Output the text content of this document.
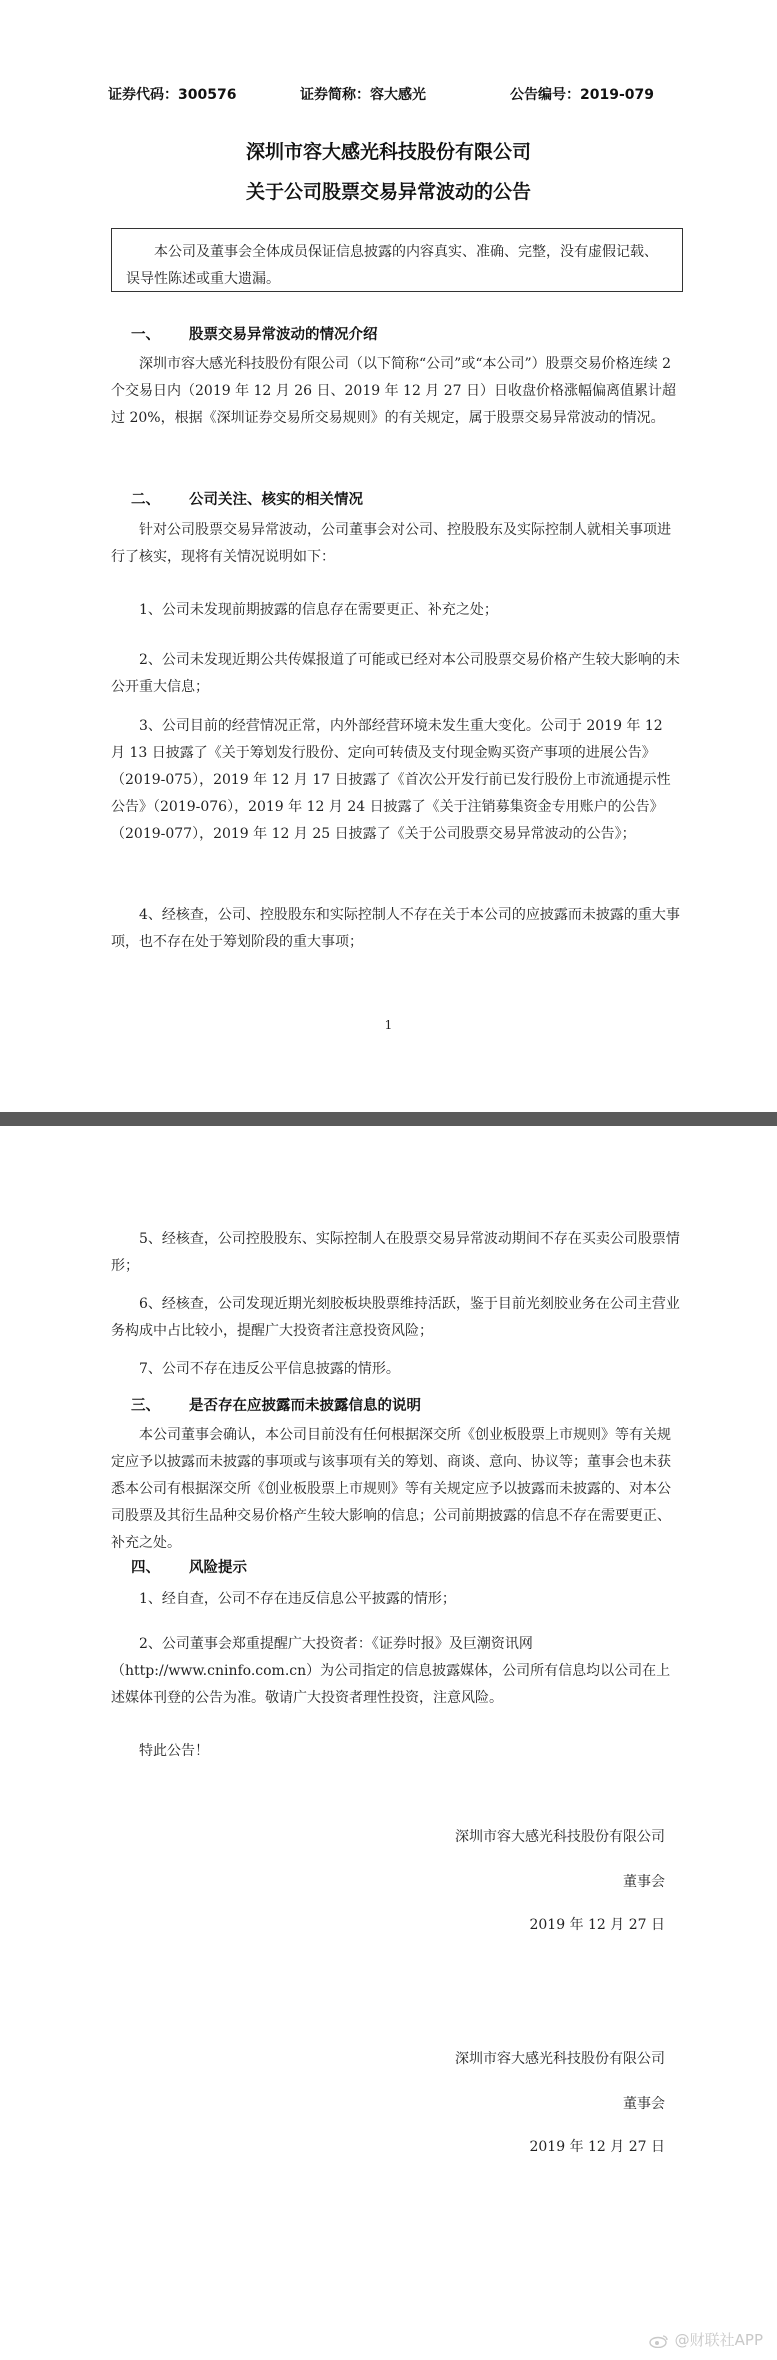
证券代码：300576	证券简称：容大感光	公告编号：2019-079
深圳市容大感光科技股份有限公司
关于公司股票交易异常波动的公告

本公司及董事会全体成员保证信息披露的内容真实、准确、完整，没有虚假记载、误导性陈述或重大遗漏。

一、 股票交易异常波动的情况介绍

深圳市容大感光科技股份有限公司（以下简称“公司”或“本公司”）股票交易价格连续 2 个交易日内（2019 年 12 月 26 日、2019 年 12 月 27 日）日收盘价格涨幅偏离值累计超过 20%，根据《深圳证券交易所交易规则》的有关规定，属于股票交易异常波动的情况。

二、 公司关注、核实的相关情况

针对公司股票交易异常波动，公司董事会对公司、控股股东及实际控制人就相关事项进行了核实，现将有关情况说明如下：

1、公司未发现前期披露的信息存在需要更正、补充之处；

2、公司未发现近期公共传媒报道了可能或已经对本公司股票交易价格产生较大影响的未公开重大信息；

3、公司目前的经营情况正常，内外部经营环境未发生重大变化。公司于 2019 年 12 月 13 日披露了《关于筹划发行股份、定向可转债及支付现金购买资产事项的进展公告》（2019-075），2019 年 12 月 17 日披露了《首次公开发行前已发行股份上市流通提示性公告》（2019-076），2019 年 12 月 24 日披露了《关于注销募集资金专用账户的公告》（2019-077），2019 年 12 月 25 日披露了《关于公司股票交易异常波动的公告》；

4、经核查，公司、控股股东和实际控制人不存在关于本公司的应披露而未披露的重大事项，也不存在处于筹划阶段的重大事项；

1

5、经核查，公司控股股东、实际控制人在股票交易异常波动期间不存在买卖公司股票情形；

6、经核查，公司发现近期光刻胶板块股票维持活跃，鉴于目前光刻胶业务在公司主营业务构成中占比较小，提醒广大投资者注意投资风险；

7、公司不存在违反公平信息披露的情形。

三、 是否存在应披露而未披露信息的说明

本公司董事会确认，本公司目前没有任何根据深交所《创业板股票上市规则》等有关规定应予以披露而未披露的事项或与该事项有关的筹划、商谈、意向、协议等；董事会也未获悉本公司有根据深交所《创业板股票上市规则》等有关规定应予以披露而未披露的、对本公司股票及其衍生品种交易价格产生较大影响的信息；公司前期披露的信息不存在需要更正、补充之处。

四、 风险提示

1、经自查，公司不存在违反信息公平披露的情形；

2、公司董事会郑重提醒广大投资者：《证券时报》及巨潮资讯网（http://www.cninfo.com.cn）为公司指定的信息披露媒体，公司所有信息均以公司在上述媒体刊登的公告为准。敬请广大投资者理性投资，注意风险。

特此公告！

深圳市容大感光科技股份有限公司
董事会
2019 年 12 月 27 日
深圳市容大感光科技股份有限公司
董事会
2019 年 12 月 27 日
@财联社APP
